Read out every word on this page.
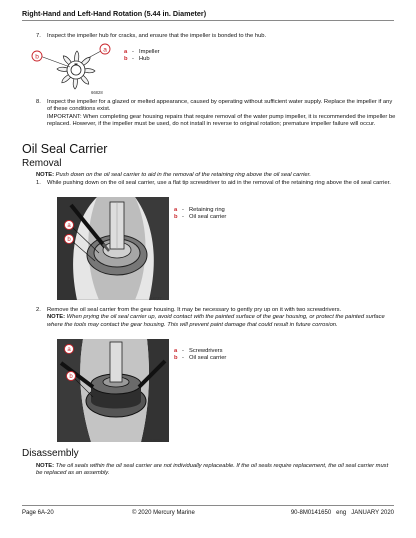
Right-Hand and Left-Hand Rotation (5.44 in. Diameter)
7. Inspect the impeller hub for cracks, and ensure that the impeller is bonded to the hub.
a
b
66828
a - Impeller
b - Hub
8. Inspect the impeller for a glazed or melted appearance, caused by operating without sufficient water supply. Replace the impeller if any of these conditions exist.
IMPORTANT: When completing gear housing repairs that require removal of the water pump impeller, it is recommended the impeller be replaced. However, if the impeller must be used, do not install in reverse to original rotation; premature impeller failure will occur.
Oil Seal Carrier
Removal
NOTE: Push down on the oil seal carrier to aid in the removal of the retaining ring above the oil seal carrier.
1. While pushing down on the oil seal carrier, use a flat tip screwdriver to aid in the removal of the retaining ring above the oil seal carrier.
a
b
64727
a - Retaining ring
b - Oil seal carrier
2. Remove the oil seal carrier from the gear housing. It may be necessary to gently pry up on it with two screwdrivers.
NOTE: When prying the oil seal carrier up, avoid contact with the painted surface of the gear housing, or protect the painted surface where the tools may contact the gear housing. This will prevent paint damage that could result in future corrosion.
a
b
64728
a - Screwdrivers
b - Oil seal carrier
Disassembly
NOTE: The oil seals within the oil seal carrier are not individually replaceable. If the oil seals require replacement, the oil seal carrier must be replaced as an assembly.
Page 6A-20	© 2020 Mercury Marine	90-8M0141650   eng   JANUARY 2020
